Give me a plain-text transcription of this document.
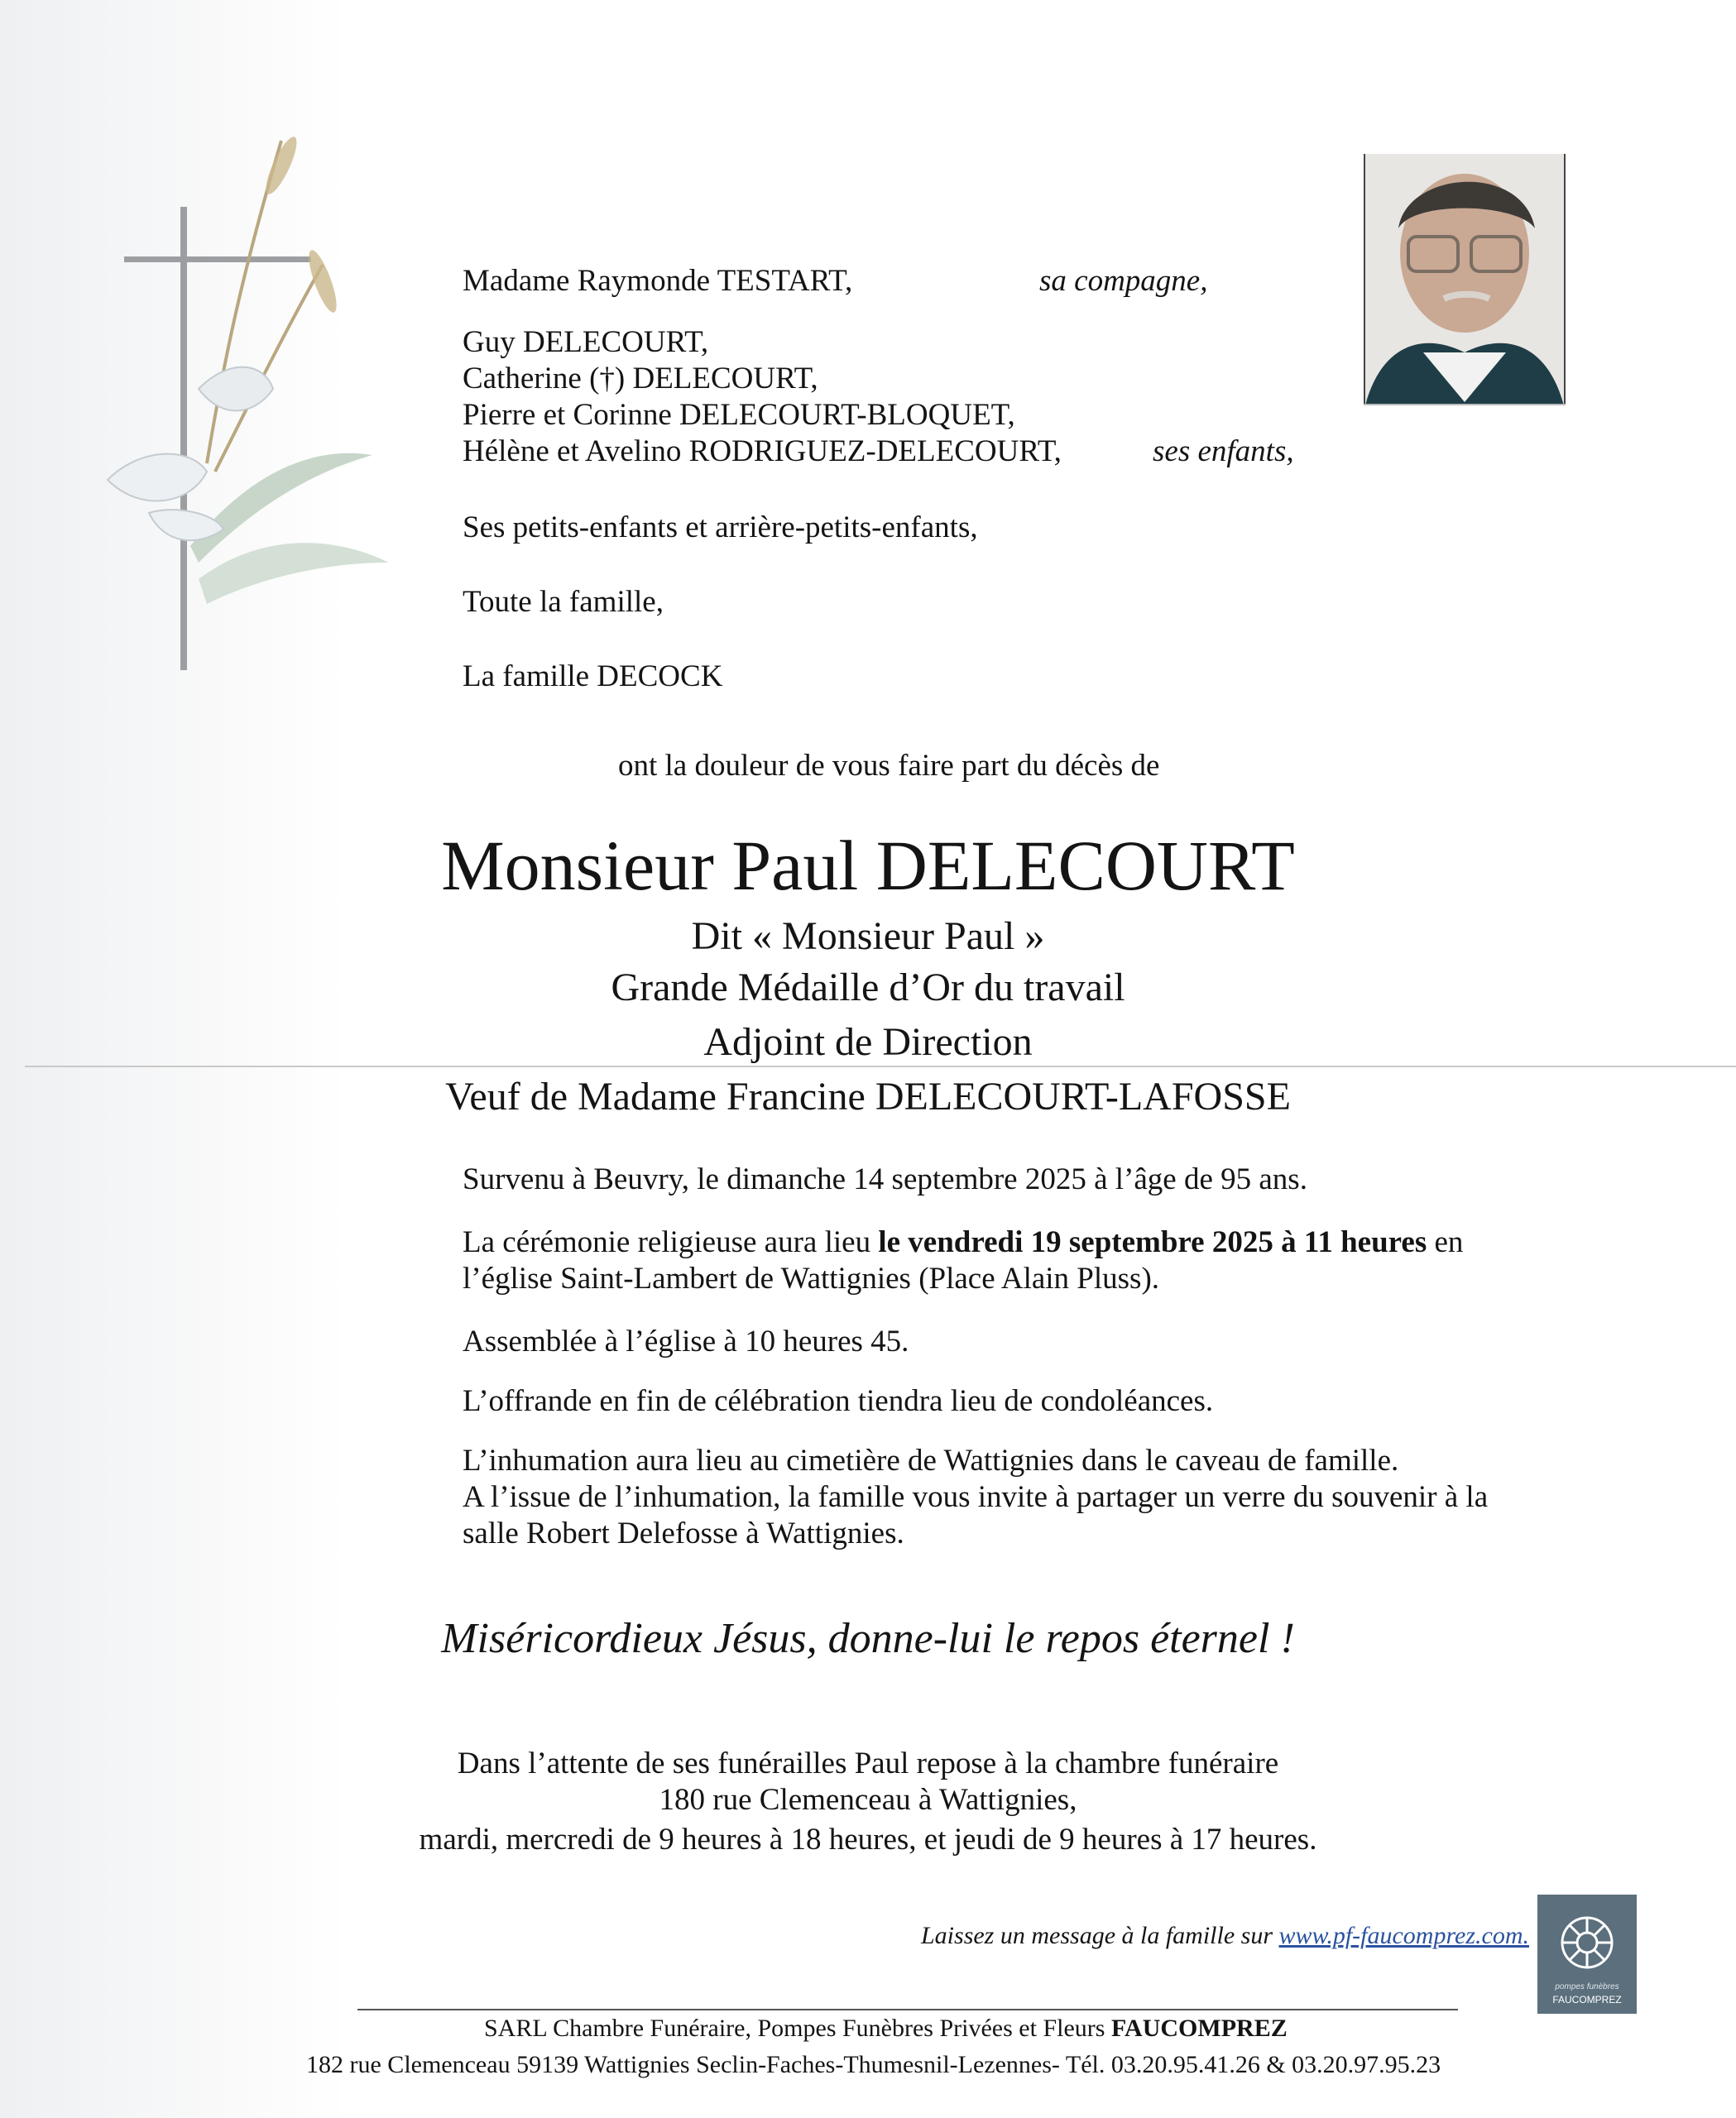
Madame Raymonde TESTART,	sa compagne,
Guy DELECOURT,
Catherine (†) DELECOURT,
Pierre et Corinne DELECOURT-BLOQUET,
Hélène et Avelino RODRIGUEZ-DELECOURT,	ses enfants,
Ses petits-enfants et arrière-petits-enfants,
Toute la famille,
La famille DECOCK
ont la douleur de vous faire part du décès de
Monsieur Paul DELECOURT
Dit « Monsieur Paul »
Grande Médaille d’Or du travail
Adjoint de Direction
Veuf de Madame Francine DELECOURT-LAFOSSE
Survenu à Beuvry, le dimanche 14 septembre 2025 à l’âge de 95 ans.
La cérémonie religieuse aura lieu le vendredi 19 septembre 2025 à 11 heures en
l’église Saint-Lambert de Wattignies (Place Alain Pluss).
Assemblée à l’église à 10 heures 45.
L’offrande en fin de célébration tiendra lieu de condoléances.
L’inhumation aura lieu au cimetière de Wattignies dans le caveau de famille.
A l’issue de l’inhumation, la famille vous invite à partager un verre du souvenir à la
salle Robert Delefosse à Wattignies.
Miséricordieux Jésus, donne-lui le repos éternel !
Dans l’attente de ses funérailles Paul repose à la chambre funéraire
180 rue Clemenceau à Wattignies,
mardi, mercredi de 9 heures à 18 heures, et jeudi de 9 heures à 17 heures.
Laissez un message à la famille sur www.pf-faucomprez.com.
pompes funèbres
FAUCOMPREZ
SARL Chambre Funéraire, Pompes Funèbres Privées et Fleurs FAUCOMPREZ
182 rue Clemenceau 59139 Wattignies Seclin-Faches-Thumesnil-Lezennes- Tél. 03.20.95.41.26 & 03.20.97.95.23
